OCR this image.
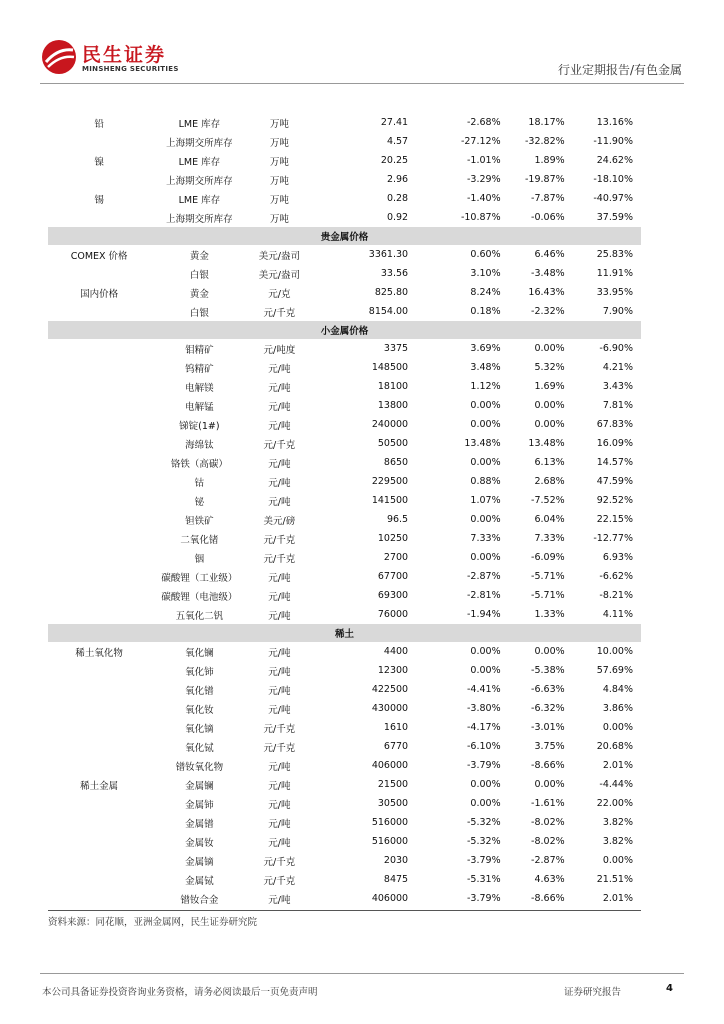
民生证券
MINSHENG SECURITIES	行业定期报告/有色金属
铅	LME 库存	万吨	27.41	-2.68%	18.17%	13.16%
	上海期交所库存	万吨	4.57	-27.12%	-32.82%	-11.90%
镍	LME 库存	万吨	20.25	-1.01%	1.89%	24.62%
	上海期交所库存	万吨	2.96	-3.29%	-19.87%	-18.10%
锡	LME 库存	万吨	0.28	-1.40%	-7.87%	-40.97%
	上海期交所库存	万吨	0.92	-10.87%	-0.06%	37.59%
贵金属价格						
COMEX 价格	黄金	美元/盎司	3361.30	0.60%	6.46%	25.83%
	白银	美元/盎司	33.56	3.10%	-3.48%	11.91%
国内价格	黄金	元/克	825.80	8.24%	16.43%	33.95%
	白银	元/千克	8154.00	0.18%	-2.32%	7.90%
小金属价格						
	钼精矿	元/吨度	3375	3.69%	0.00%	-6.90%
	钨精矿	元/吨	148500	3.48%	5.32%	4.21%
	电解镁	元/吨	18100	1.12%	1.69%	3.43%
	电解锰	元/吨	13800	0.00%	0.00%	7.81%
	锑锭(1#)	元/吨	240000	0.00%	0.00%	67.83%
	海绵钛	元/千克	50500	13.48%	13.48%	16.09%
	铬铁（高碳）	元/吨	8650	0.00%	6.13%	14.57%
	钴	元/吨	229500	0.88%	2.68%	47.59%
	铋	元/吨	141500	1.07%	-7.52%	92.52%
	钽铁矿	美元/磅	96.5	0.00%	6.04%	22.15%
	二氧化锗	元/千克	10250	7.33%	7.33%	-12.77%
	铟	元/千克	2700	0.00%	-6.09%	6.93%
	碳酸锂（工业级）	元/吨	67700	-2.87%	-5.71%	-6.62%
	碳酸锂（电池级）	元/吨	69300	-2.81%	-5.71%	-8.21%
	五氧化二钒	元/吨	76000	-1.94%	1.33%	4.11%
稀土						
稀土氧化物	氧化镧	元/吨	4400	0.00%	0.00%	10.00%
	氧化铈	元/吨	12300	0.00%	-5.38%	57.69%
	氧化镨	元/吨	422500	-4.41%	-6.63%	4.84%
	氧化钕	元/吨	430000	-3.80%	-6.32%	3.86%
	氧化镝	元/千克	1610	-4.17%	-3.01%	0.00%
	氧化铽	元/千克	6770	-6.10%	3.75%	20.68%
	镨钕氧化物	元/吨	406000	-3.79%	-8.66%	2.01%
稀土金属	金属镧	元/吨	21500	0.00%	0.00%	-4.44%
	金属铈	元/吨	30500	0.00%	-1.61%	22.00%
	金属镨	元/吨	516000	-5.32%	-8.02%	3.82%
	金属钕	元/吨	516000	-5.32%	-8.02%	3.82%
	金属镝	元/千克	2030	-3.79%	-2.87%	0.00%
	金属铽	元/千克	8475	-5.31%	4.63%	21.51%
	镨钕合金	元/吨	406000	-3.79%	-8.66%	2.01%
资料来源：同花顺，亚洲金属网，民生证券研究院
本公司具备证券投资咨询业务资格，请务必阅读最后一页免责声明	证券研究报告	4
